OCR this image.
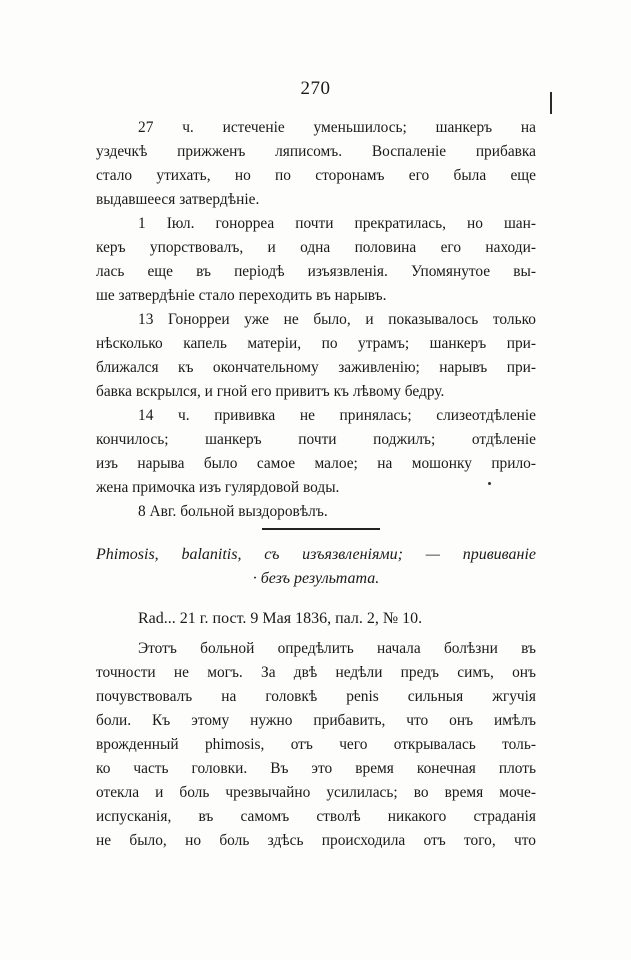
270
27 ч. истеченіе уменьшилось; шанкеръ на
уздечкѣ прижженъ ляписомъ. Воспаленіе прибавка
стало утихать, но по сторонамъ его была еще
выдавшееся затвердѣніе.
1 Іюл. гонорреа почти прекратилась, но шан-
керъ упорствовалъ, и одна половина его находи-
лась еще въ періодѣ изъязвленія. Упомянутое вы-
ше затвердѣніе стало переходить въ нарывъ.
13 Гонорреи уже не было, и показывалось только
нѣсколько капель матеріи, по утрамъ; шанкеръ при-
ближался къ окончательному заживленію; нарывъ при-
бавка вскрылся, и гной его привитъ къ лѣвому бедру.
14 ч. прививка не принялась; слизеотдѣленіе
кончилось; шанкеръ почти поджилъ; отдѣленіе
изъ нарыва было самое малое; на мошонку прило-
жена примочка изъ гулярдовой воды.
8 Авг. больной выздоровѣлъ.
Phimosis, balanitis, съ изъязвленіями; — прививаніе
· безъ результата.
Rad... 21 г. пост. 9 Мая 1836, пал. 2, № 10.
Этотъ больной опредѣлить начала болѣзни въ
точности не могъ. За двѣ недѣли предъ симъ, онъ
почувствовалъ на головкѣ penis сильныя жгучія
боли. Къ этому нужно прибавить, что онъ имѣлъ
врожденный phimosis, отъ чего открывалась толь-
ко часть головки. Въ это время конечная плоть
отекла и боль чрезвычайно усилилась; во время моче-
испусканія, въ самомъ стволѣ никакого страданія
не было, но боль здѣсь происходила отъ того, что
